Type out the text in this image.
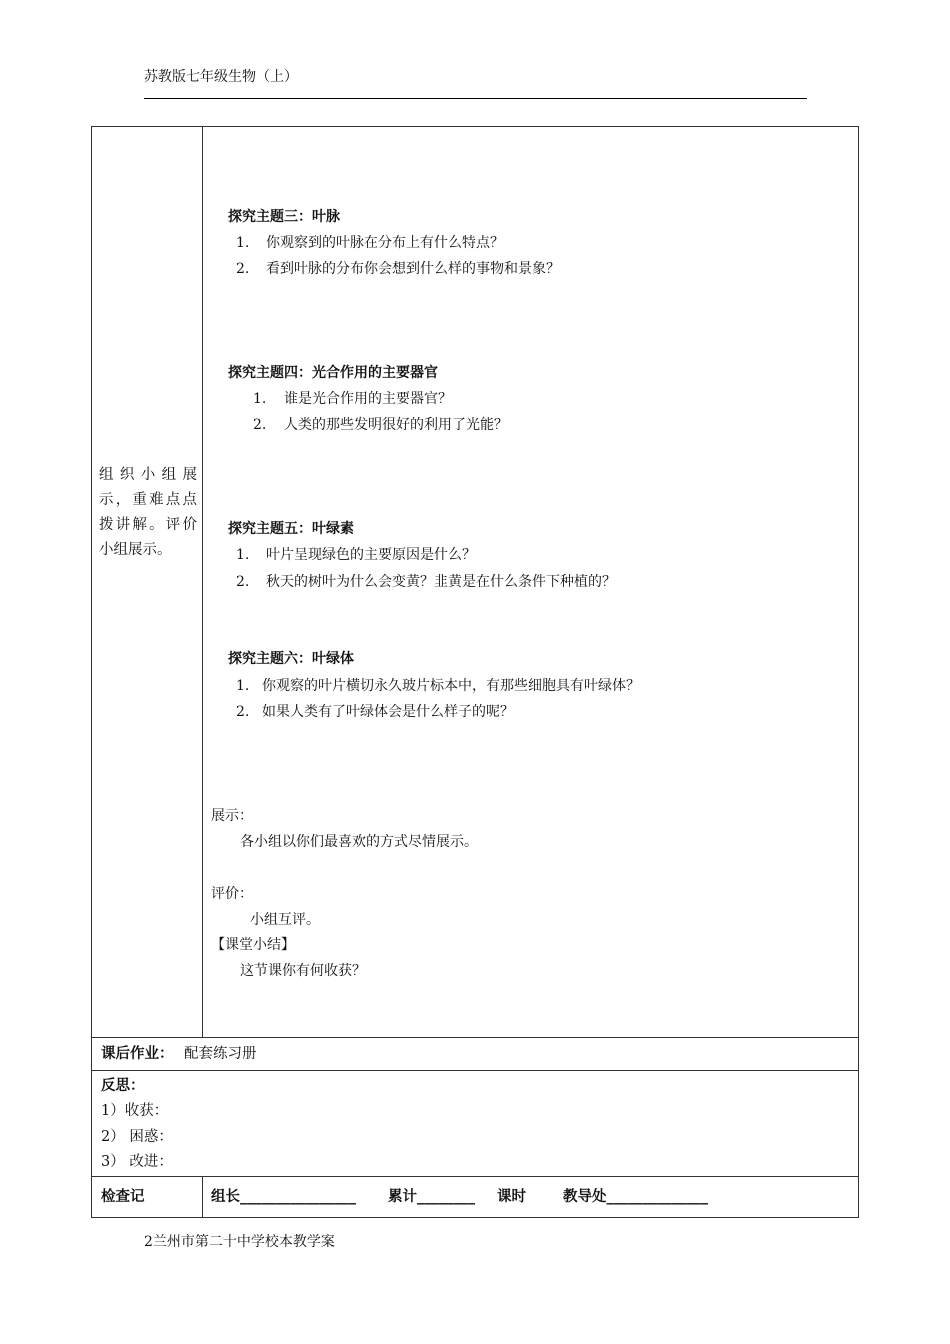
苏教版七年级生物（上）
组织小组展示，重难点点拨讲解。评价小组展示。
探究主题三：叶脉
1. 你观察到的叶脉在分布上有什么特点？
2. 看到叶脉的分布你会想到什么样的事物和景象？
探究主题四：光合作用的主要器官
1. 谁是光合作用的主要器官？
2. 人类的那些发明很好的利用了光能？
探究主题五：叶绿素
1. 叶片呈现绿色的主要原因是什么？
2. 秋天的树叶为什么会变黄？韭黄是在什么条件下种植的？
探究主题六：叶绿体
1. 你观察的叶片横切永久玻片标本中，有那些细胞具有叶绿体？
2. 如果人类有了叶绿体会是什么样子的呢？
展示：
各小组以你们最喜欢的方式尽情展示。
评价：
小组互评。
【课堂小结】
这节课你有何收获？
课后作业： 配套练习册
反思：
1）收获：
2） 困惑：
3） 改进：
检查记	组长________________ 累计________ 课时	教导处______________
2兰州市第二十中学校本教学案
